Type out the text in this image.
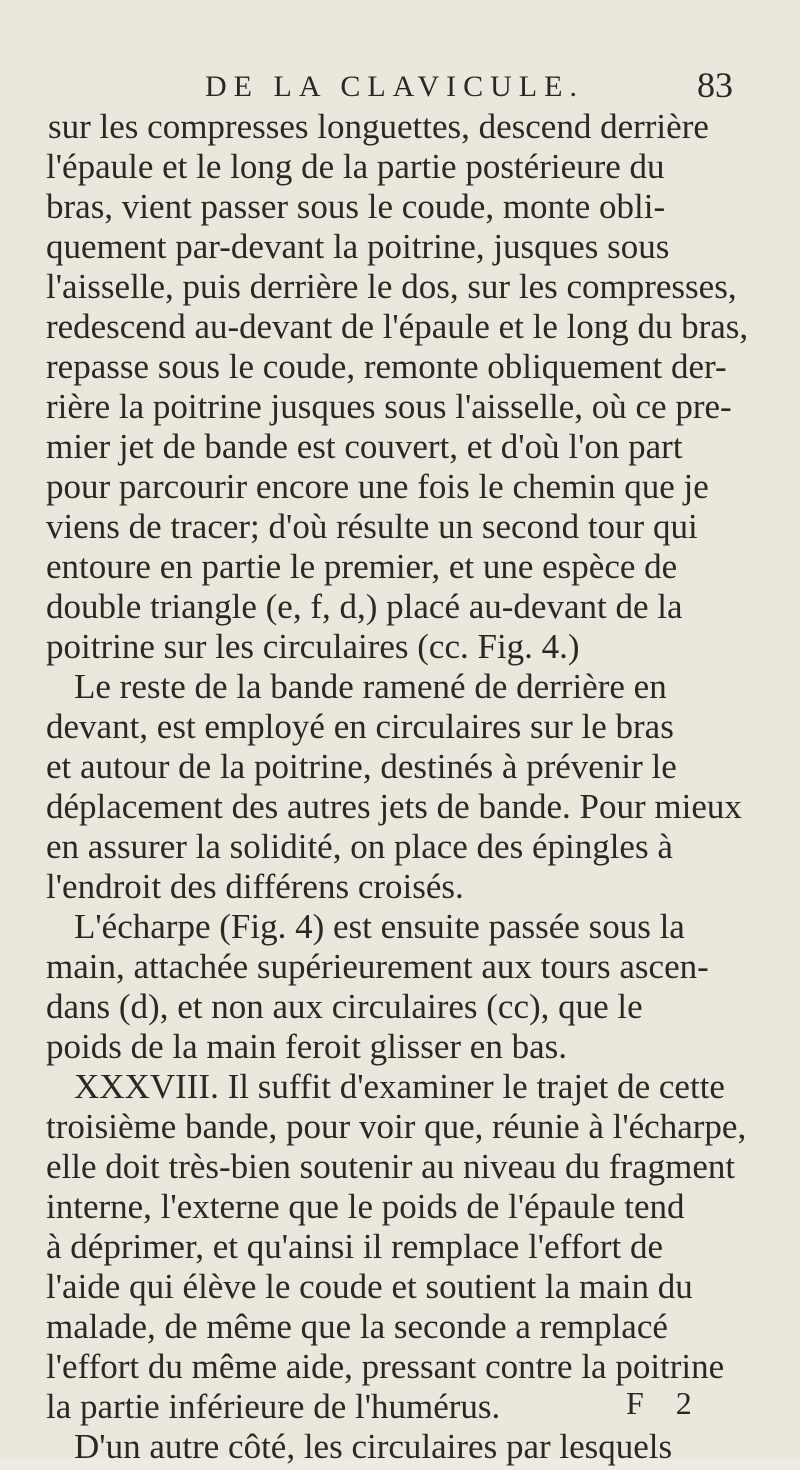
DE LA CLAVICULE.	83
sur les compresses longuettes, descend derrière
l'épaule et le long de la partie postérieure du
bras, vient passer sous le coude, monte obli-
quement par-devant la poitrine, jusques sous
l'aisselle, puis derrière le dos, sur les compresses,
redescend au-devant de l'épaule et le long du bras,
repasse sous le coude, remonte obliquement der-
rière la poitrine jusques sous l'aisselle, où ce pre-
mier jet de bande est couvert, et d'où l'on part
pour parcourir encore une fois le chemin que je
viens de tracer; d'où résulte un second tour qui
entoure en partie le premier, et une espèce de
double triangle (e, f, d,) placé au-devant de la
poitrine sur les circulaires (cc. Fig. 4.)
Le reste de la bande ramené de derrière en
devant, est employé en circulaires sur le bras
et autour de la poitrine, destinés à prévenir le
déplacement des autres jets de bande. Pour mieux
en assurer la solidité, on place des épingles à
l'endroit des différens croisés.
L'écharpe (Fig. 4) est ensuite passée sous la
main, attachée supérieurement aux tours ascen-
dans (d), et non aux circulaires (cc), que le
poids de la main feroit glisser en bas.
XXXVIII. Il suffit d'examiner le trajet de cette
troisième bande, pour voir que, réunie à l'écharpe,
elle doit très-bien soutenir au niveau du fragment
interne, l'externe que le poids de l'épaule tend
à déprimer, et qu'ainsi il remplace l'effort de
l'aide qui élève le coude et soutient la main du
malade, de même que la seconde a remplacé
l'effort du même aide, pressant contre la poitrine
la partie inférieure de l'humérus.
D'un autre côté, les circulaires par lesquels
F 2
